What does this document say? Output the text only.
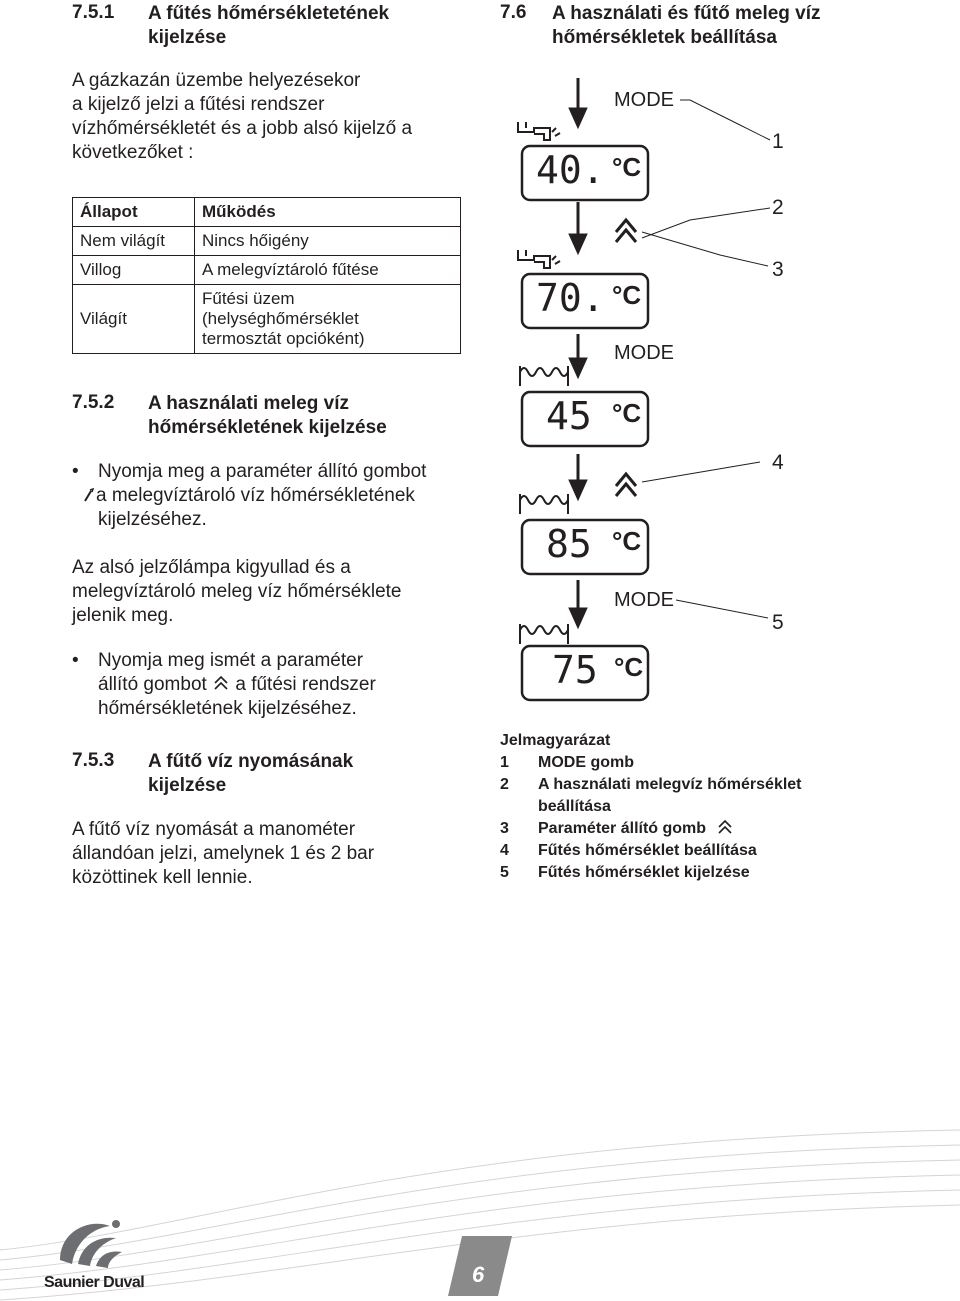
7.5.1 A fűtés hőmérsékletetének
kijelzése
A gázkazán üzembe helyezésekor
a kijelző jelzi a fűtési rendszer
vízhőmérsékletét és a jobb alsó kijelző a
következőket :
Állapot	Működés
Nem világít	Nincs hőigény
Villog	A melegvíztároló fűtése
Világít	Fűtési üzem
(helységhőmérséklet
termosztát opcióként)
7.5.2 A használati meleg víz
hőmérsékletének kijelzése
• Nyomja meg a paraméter állító gombot
a melegvíztároló víz hőmérsékletének
kijelzéséhez.
Az alsó jelzőlámpa kigyullad és a
melegvíztároló meleg víz hőmérséklete
jelenik meg.
• Nyomja meg ismét a paraméter
állító gombot a fűtési rendszer
hőmérsékletének kijelzéséhez.
7.5.3 A fűtő víz nyomásának
kijelzése
A fűtő víz nyomását a manométer
állandóan jelzi, amelynek 1 és 2 bar
közöttinek kell lennie.
7.6 A használati és fűtő meleg víz
hőmérsékletek beállítása
MODE
MODE
MODE
1
2
3
4
5
40. °C
70. °C
45 °C
85 °C
75 °C
Jelmagyarázat
1 MODE gomb
2 A használati melegvíz hőmérséklet
beállítása
3 Paraméter állító gomb
4 Fűtés hőmérséklet beállítása
5 Fűtés hőmérséklet kijelzése
Saunier Duval	6
